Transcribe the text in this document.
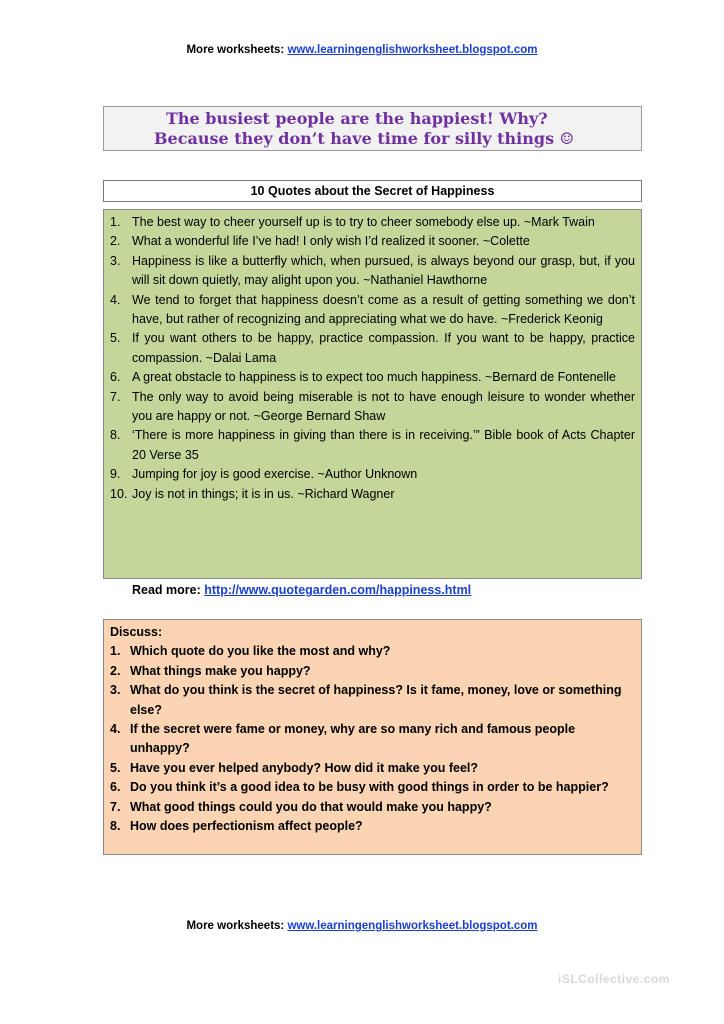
More worksheets: www.learningenglishworksheet.blogspot.com
The busiest people are the happiest! Why?
Because they don’t have time for silly things ☺
10 Quotes about the Secret of Happiness
1. The best way to cheer yourself up is to try to cheer somebody else up. ~Mark Twain
2. What a wonderful life I’ve had! I only wish I’d realized it sooner. ~Colette
3. Happiness is like a butterfly which, when pursued, is always beyond our grasp, but, if you will sit down quietly, may alight upon you. ~Nathaniel Hawthorne
4. We tend to forget that happiness doesn’t come as a result of getting something we don’t have, but rather of recognizing and appreciating what we do have. ~Frederick Keonig
5. If you want others to be happy, practice compassion. If you want to be happy, practice compassion. ~Dalai Lama
6. A great obstacle to happiness is to expect too much happiness. ~Bernard de Fontenelle
7. The only way to avoid being miserable is not to have enough leisure to wonder whether you are happy or not. ~George Bernard Shaw
8. ‘There is more happiness in giving than there is in receiving.’” Bible book of Acts Chapter 20 Verse 35
9. Jumping for joy is good exercise. ~Author Unknown
10. Joy is not in things; it is in us. ~Richard Wagner
Read more: http://www.quotegarden.com/happiness.html
Discuss:
1. Which quote do you like the most and why?
2. What things make you happy?
3. What do you think is the secret of happiness? Is it fame, money, love or something else?
4. If the secret were fame or money, why are so many rich and famous people unhappy?
5. Have you ever helped anybody? How did it make you feel?
6. Do you think it’s a good idea to be busy with good things in order to be happier?
7. What good things could you do that would make you happy?
8. How does perfectionism affect people?
More worksheets: www.learningenglishworksheet.blogspot.com
iSLCollective.com
